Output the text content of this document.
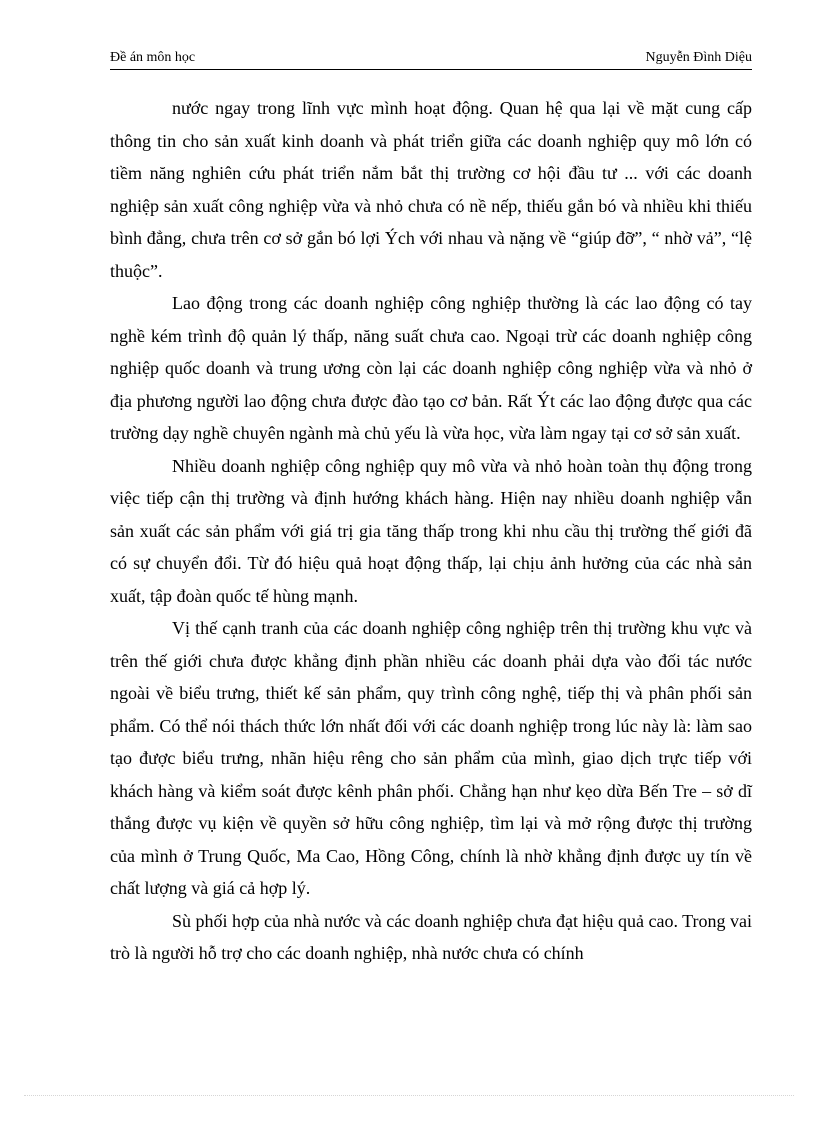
Đề án môn học	Nguyễn Đình Diệu

nước ngay trong lĩnh vực mình hoạt động. Quan hệ qua lại về mặt cung cấp thông tin cho sản xuất kinh doanh và phát triển giữa các doanh nghiệp quy mô lớn có tiềm năng nghiên cứu phát triển nắm bắt thị trường cơ hội đầu tư ... với các doanh nghiệp sản xuất công nghiệp vừa và nhỏ chưa có nề nếp, thiếu gắn bó và nhiều khi thiếu bình đẳng, chưa trên cơ sở gắn bó lợi Ých với nhau và nặng về “giúp đỡ”, “ nhờ vả”, “lệ thuộc”.

Lao động trong các doanh nghiệp công nghiệp thường là các lao động có tay nghề kém trình độ quản lý thấp, năng suất chưa cao. Ngoại trừ các doanh nghiệp công nghiệp quốc doanh và trung ương còn lại các doanh nghiệp công nghiệp vừa và nhỏ ở địa phương người lao động chưa được đào tạo cơ bản. Rất Ýt các lao động được qua các trường dạy nghề chuyên ngành mà chủ yếu là vừa học, vừa làm ngay tại cơ sở sản xuất.

Nhiều doanh nghiệp công nghiệp quy mô vừa và nhỏ hoàn toàn thụ động trong việc tiếp cận thị trường và định hướng khách hàng. Hiện nay nhiều doanh nghiệp vẫn sản xuất các sản phẩm với giá trị gia tăng thấp trong khi nhu cầu thị trường thế giới đã có sự chuyển đổi. Từ đó hiệu quả hoạt động thấp, lại chịu ảnh hưởng của các nhà sản xuất, tập đoàn quốc tế hùng mạnh.

Vị thế cạnh tranh của các doanh nghiệp công nghiệp trên thị trường khu vực và trên thế giới chưa được khẳng định phần nhiều các doanh phải dựa vào đối tác nước ngoài về biểu trưng, thiết kế sản phẩm, quy trình công nghệ, tiếp thị và phân phối sản phẩm. Có thể nói thách thức lớn nhất đối với các doanh nghiệp trong lúc này là: làm sao tạo được biểu trưng, nhãn hiệu rêng cho sản phẩm của mình, giao dịch trực tiếp với khách hàng và kiểm soát được kênh phân phối. Chẳng hạn như kẹo dừa Bến Tre – sở dĩ thắng được vụ kiện về quyền sở hữu công nghiệp, tìm lại và mở rộng được thị trường của mình ở Trung Quốc, Ma Cao, Hồng Công, chính là nhờ khẳng định được uy tín về chất lượng và giá cả hợp lý.

Sù phối hợp của nhà nước và các doanh nghiệp chưa đạt hiệu quả cao. Trong vai trò là người hỗ trợ cho các doanh nghiệp, nhà nước chưa có chính
